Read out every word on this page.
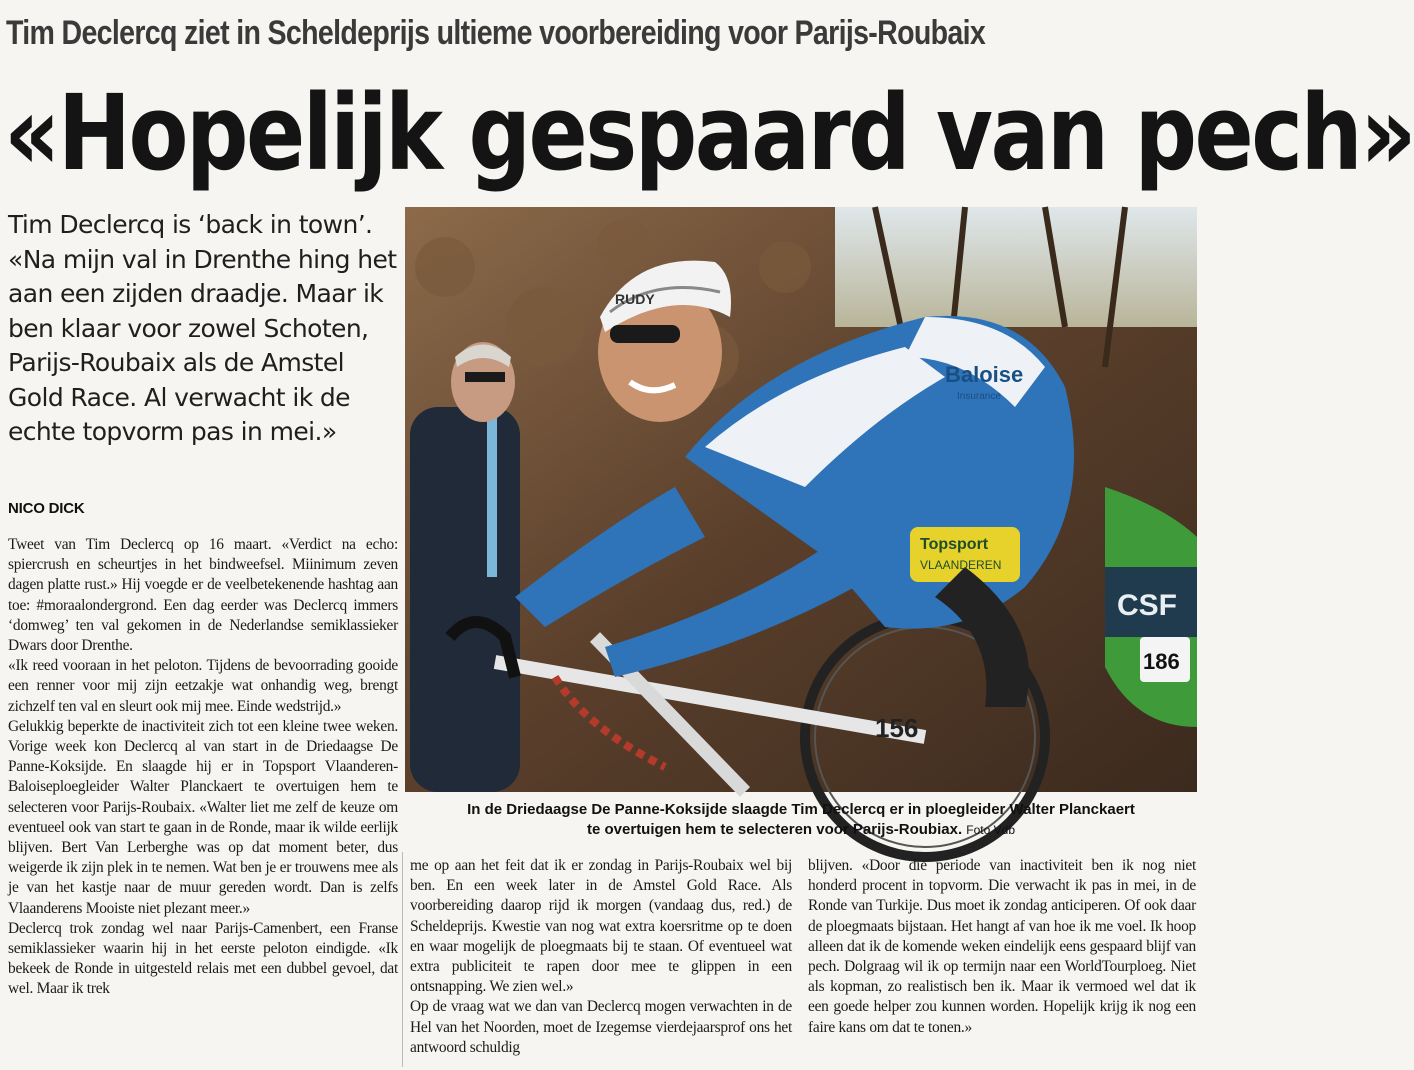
Tim Declercq ziet in Scheldeprijs ultieme voorbereiding voor Parijs-Roubaix
«Hopelijk gespaard van pech»
Tim Declercq is ‘back in town’. «Na mijn val in Drenthe hing het aan een zijden draadje. Maar ik ben klaar voor zowel Schoten, Parijs-Roubaix als de Amstel Gold Race. Al verwacht ik de echte topvorm pas in mei.»
NICO DICK

Tweet van Tim Declercq op 16 maart. «Verdict na echo: spiercrush en scheurtjes in het bindweefsel. Miinimum zeven dagen platte rust.» Hij voegde er de veelbetekenende hashtag aan toe: #moraalondergrond. Een dag eerder was Declercq immers ‘domweg’ ten val gekomen in de Nederlandse semiklassieker Dwars door Drenthe.

«Ik reed vooraan in het peloton. Tijdens de bevoorrading gooide een renner voor mij zijn eetzakje wat onhandig weg, brengt zichzelf ten val en sleurt ook mij mee. Einde wedstrijd.»

Gelukkig beperkte de inactiviteit zich tot een kleine twee weken. Vorige week kon Declercq al van start in de Driedaagse De Panne-Koksijde. En slaagde hij er in Topsport Vlaanderen-Baloiseploegleider Walter Planckaert te overtuigen hem te selecteren voor Parijs-Roubaix. «Walter liet me zelf de keuze om eventueel ook van start te gaan in de Ronde, maar ik wilde eerlijk blijven. Bert Van Lerberghe was op dat moment beter, dus weigerde ik zijn plek in te nemen. Wat ben je er trouwens mee als je van het kastje naar de muur gereden wordt. Dan is zelfs Vlaanderens Mooiste niet plezant meer.»

Declercq trok zondag wel naar Parijs-Camenbert, een Franse semiklassieker waarin hij in het eerste peloton eindigde. «Ik bekeek de Ronde in uitgesteld relais met een dubbel gevoel, dat wel. Maar ik trek

RUDY
Baloise
Insurance
Topsport
VLAANDEREN
CSF
186
156
In de Driedaagse De Panne-Koksijde slaagde Tim Declercq er in ploegleider Walter Planckaert
te overtuigen hem te selecteren voor Parijs-Roubiax. Foto Vdb

me op aan het feit dat ik er zondag in Parijs-Roubaix wel bij ben. En een week later in de Amstel Gold Race. Als voorbereiding daarop rijd ik morgen (vandaag dus, red.) de Scheldeprijs. Kwestie van nog wat extra koersritme op te doen en waar mogelijk de ploegmaats bij te staan. Of eventueel wat extra publiciteit te rapen door mee te glippen in een ontsnapping. We zien wel.»

Op de vraag wat we dan van Declercq mogen verwachten in de Hel van het Noorden, moet de Izegemse vierdejaarsprof ons het antwoord schuldig

blijven. «Door die periode van inactiviteit ben ik nog niet honderd procent in topvorm. Die verwacht ik pas in mei, in de Ronde van Turkije. Dus moet ik zondag anticiperen. Of ook daar de ploegmaats bijstaan. Het hangt af van hoe ik me voel. Ik hoop alleen dat ik de komende weken eindelijk eens gespaard blijf van pech. Dolgraag wil ik op termijn naar een WorldTourploeg. Niet als kopman, zo realistisch ben ik. Maar ik vermoed wel dat ik een goede helper zou kunnen worden. Hopelijk krijg ik nog een faire kans om dat te tonen.»
